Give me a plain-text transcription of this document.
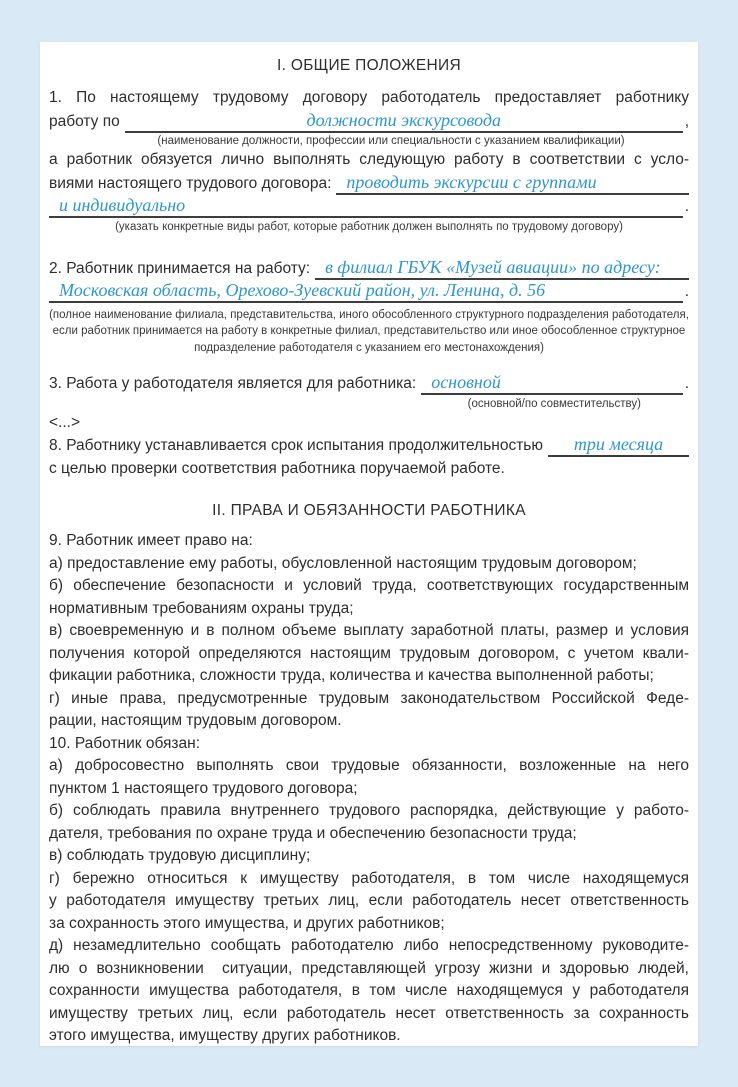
I. ОБЩИЕ ПОЛОЖЕНИЯ
1. По настоящему трудовому договору работодатель предоставляет работнику
работу по	должности экскурсовода	,
(наименование должности, профессии или специальности с указанием квалификации)
а работник обязуется лично выполнять следующую работу в соответствии с усло-
виями настоящего трудового договора: проводить экскурсии с группами
и индивидуально	.
(указать конкретные виды работ, которые работник должен выполнять по трудовому договору)
2. Работник принимается на работу: в филиал ГБУК «Музей авиации» по адресу:
Московская область, Орехово-Зуевский район, ул. Ленина, д. 56	.
(полное наименование филиала, представительства, иного обособленного структурного подразделения работодателя,
если работник принимается на работу в конкретные филиал, представительство или иное обособленное структурное
подразделение работодателя с указанием его местонахождения)
3. Работа у работодателя является для работника: основной	.
(основной/по совместительству)
<...>
8. Работнику устанавливается срок испытания продолжительностью	три месяца
с целью проверки соответствия работника поручаемой работе.
II. ПРАВА И ОБЯЗАННОСТИ РАБОТНИКА
9. Работник имеет право на:
а) предоставление ему работы, обусловленной настоящим трудовым договором;
б) обеспечение безопасности и условий труда, соответствующих государственным
нормативным требованиям охраны труда;
в) своевременную и в полном объеме выплату заработной платы, размер и условия
получения которой определяются настоящим трудовым договором, с учетом квали-
фикации работника, сложности труда, количества и качества выполненной работы;
г) иные права, предусмотренные трудовым законодательством Российской Феде-
рации, настоящим трудовым договором.
10. Работник обязан:
а) добросовестно выполнять свои трудовые обязанности, возложенные на него
пунктом 1 настоящего трудового договора;
б) соблюдать правила внутреннего трудового распорядка, действующие у работо-
дателя, требования по охране труда и обеспечению безопасности труда;
в) соблюдать трудовую дисциплину;
г) бережно относиться к имуществу работодателя, в том числе находящемуся
у работодателя имуществу третьих лиц, если работодатель несет ответственность
за сохранность этого имущества, и других работников;
д) незамедлительно сообщать работодателю либо непосредственному руководите-
лю о возникновении  ситуации, представляющей угрозу жизни и здоровью людей,
сохранности имущества работодателя, в том числе находящемуся у работодателя
имуществу третьих лиц, если работодатель несет ответственность за сохранность
этого имущества, имуществу других работников.
